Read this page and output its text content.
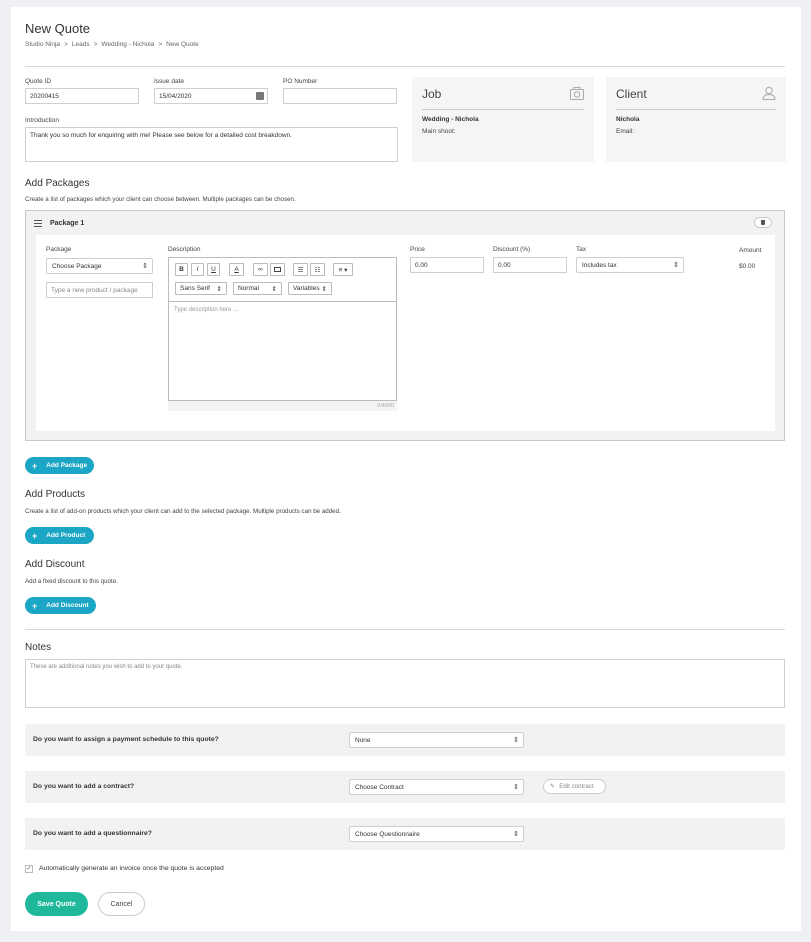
New Quote
Studio Ninja > Leads > Wedding - Nichola > New Quote
Quote ID
20200415
Issue date
15/04/2020
PO Number
Introduction
Thank you so much for enquiring with me! Please see below for a detailed cost breakdown.
Job
Wedding - Nichola
Main shoot:
Client
Nichola
Email:
Add Packages
Create a list of packages which your client can choose between. Multiple packages can be chosen.
Package 1
Package
Choose Package	⇕
Type a new product / package
Description
B	I	U	A	∞	☰ ☷	≡ ▾
Sans Serif ⇕ Normal ⇕ Variables ⇕
Type description here ...
0/4000
Price
0.00
Discount (%)
0.00
Tax
Includes tax	⇕
Amount
$0.00
+ Add Package
Add Products
Create a list of add-on products which your client can add to the selected package. Multiple products can be added.
+ Add Product
Add Discount
Add a fixed discount to this quote.
+ Add Discount
Notes
These are additional notes you wish to add to your quote.
Do you want to assign a payment schedule to this quote?	None	⇕
Do you want to add a contract?	Choose Contract	⇕	✎ Edit contract
Do you want to add a questionnaire?	Choose Questionnaire	⇕
✓ Automatically generate an invoice once the quote is accepted
Save Quote	Cancel
